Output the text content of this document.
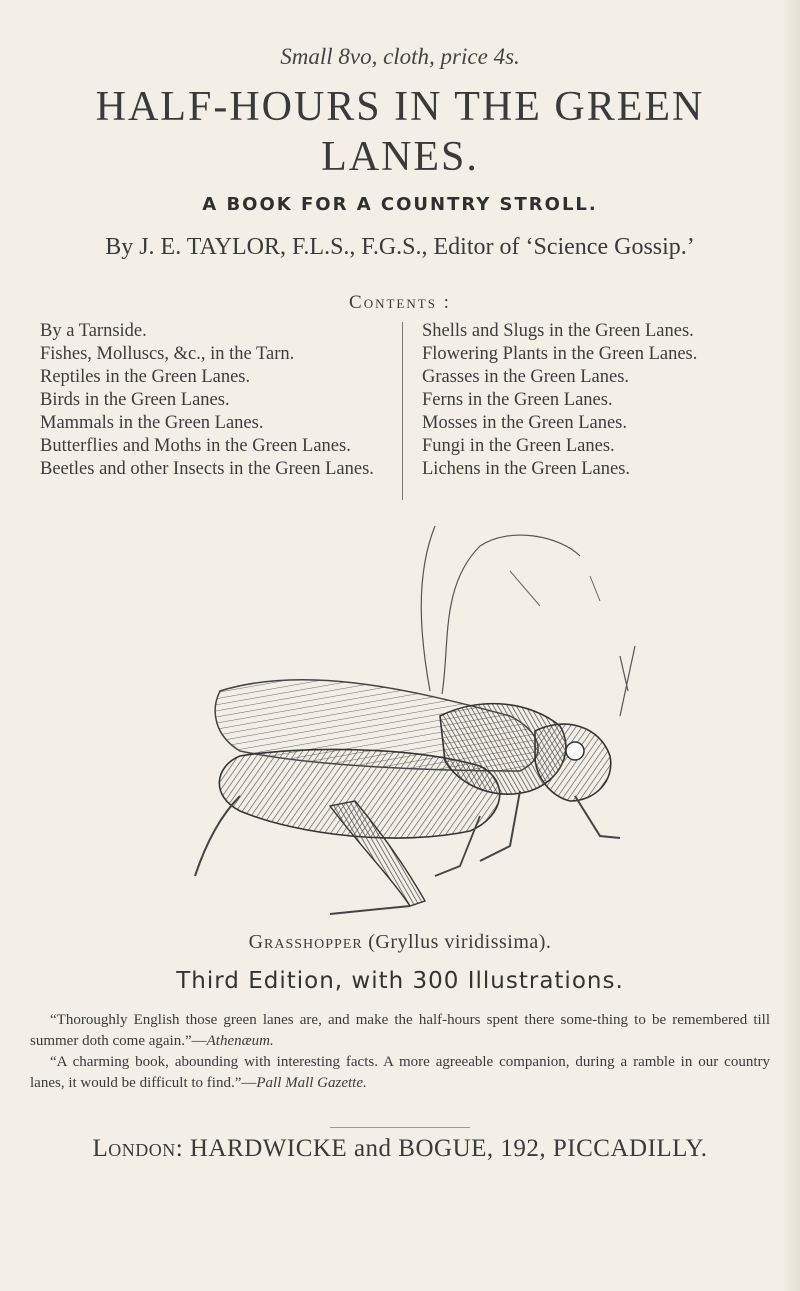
Small 8vo, cloth, price 4s.
HALF-HOURS IN THE GREEN
LANES.
A BOOK FOR A COUNTRY STROLL.
By J. E. TAYLOR, F.L.S., F.G.S., Editor of ‘Science Gossip.’
Contents :
By a Tarnside.
Fishes, Molluscs, &c., in the Tarn.
Reptiles in the Green Lanes.
Birds in the Green Lanes.
Mammals in the Green Lanes.
Butterflies and Moths in the Green Lanes.
Beetles and other Insects in the Green Lanes.
Shells and Slugs in the Green Lanes.
Flowering Plants in the Green Lanes.
Grasses in the Green Lanes.
Ferns in the Green Lanes.
Mosses in the Green Lanes.
Fungi in the Green Lanes.
Lichens in the Green Lanes.
Grasshopper (Gryllus viridissima).
Third Edition, with 300 Illustrations.
“Thoroughly English those green lanes are, and make the half-hours spent there some-thing to be remembered till summer doth come again.”—Athenæum.
“A charming book, abounding with interesting facts. A more agreeable companion, during a ramble in our country lanes, it would be difficult to find.”—Pall Mall Gazette.
London: HARDWICKE and BOGUE, 192, PICCADILLY.
